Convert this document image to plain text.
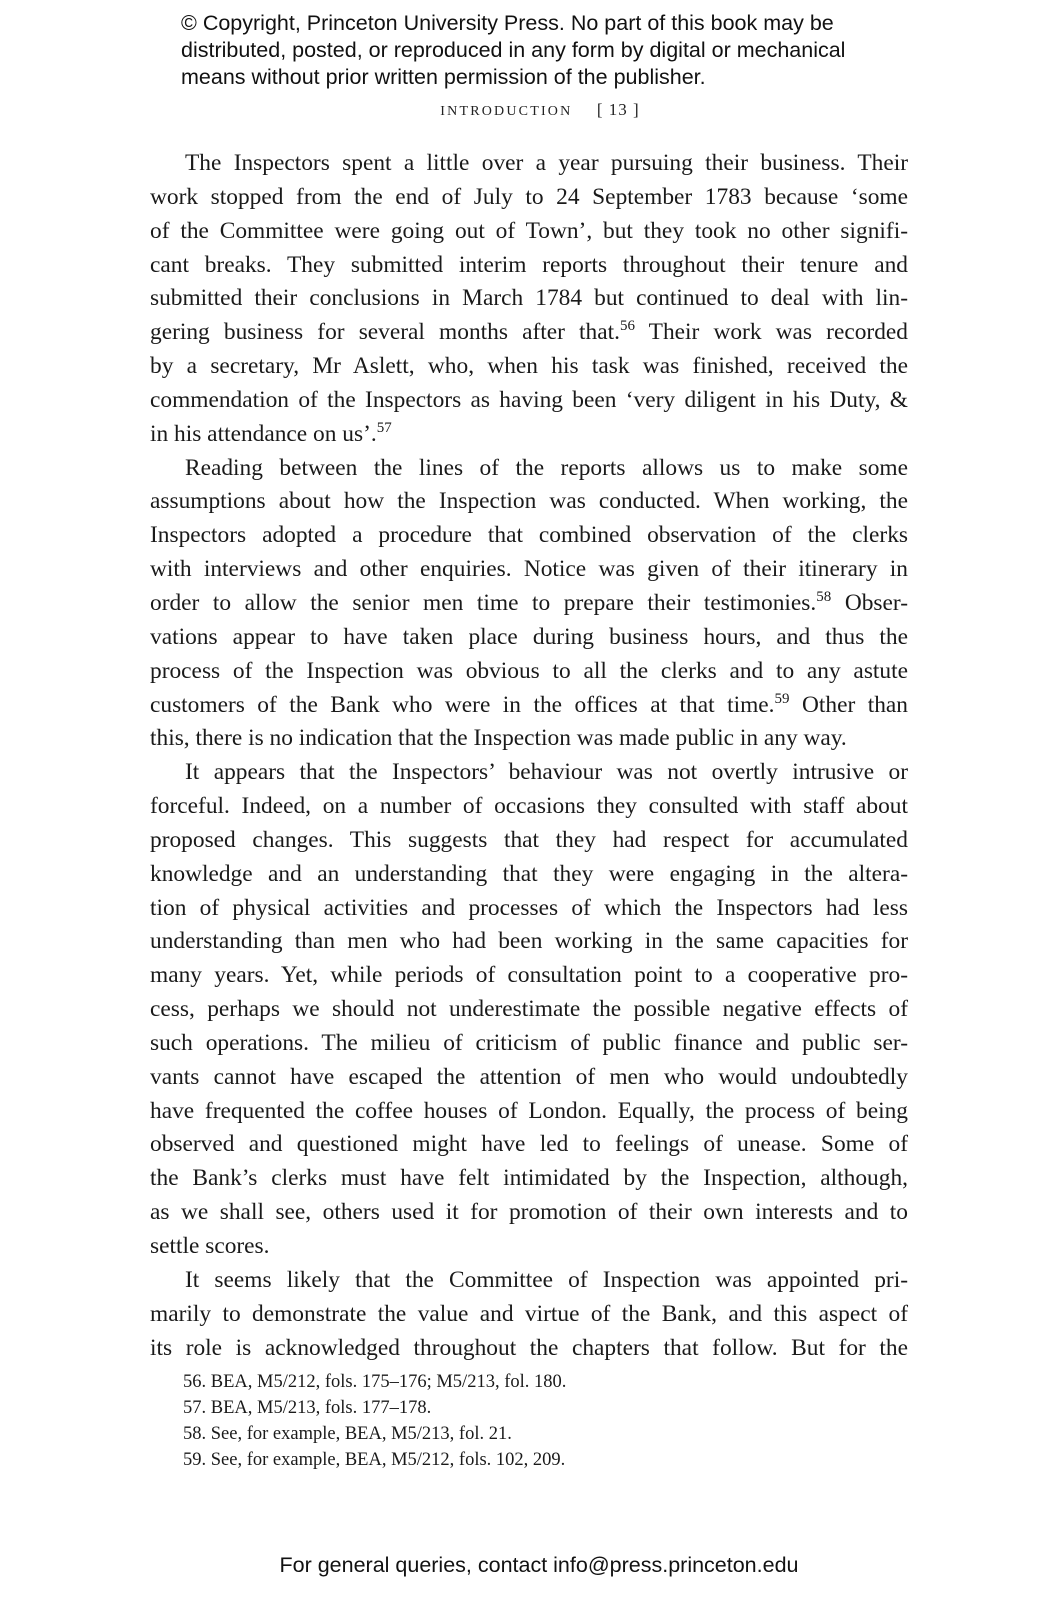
© Copyright, Princeton University Press. No part of this book may be
distributed, posted, or reproduced in any form by digital or mechanical
means without prior written permission of the publisher.
introduction [ 13 ]
The Inspectors spent a little over a year pursuing their business. Their
work stopped from the end of July to 24 September 1783 because ‘some
of the Committee were going out of Town’, but they took no other signifi-
cant breaks. They submitted interim reports throughout their tenure and
submitted their conclusions in March 1784 but continued to deal with lin-
gering business for several months after that.$^{56}$ Their work was recorded
by a secretary, Mr Aslett, who, when his task was finished, received the
commendation of the Inspectors as having been ‘very diligent in his Duty, &
in his attendance on us’.$^{57}$
Reading between the lines of the reports allows us to make some
assumptions about how the Inspection was conducted. When working, the
Inspectors adopted a procedure that combined observation of the clerks
with interviews and other enquiries. Notice was given of their itinerary in
order to allow the senior men time to prepare their testimonies.$^{58}$ Obser-
vations appear to have taken place during business hours, and thus the
process of the Inspection was obvious to all the clerks and to any astute
customers of the Bank who were in the offices at that time.$^{59}$ Other than
this, there is no indication that the Inspection was made public in any way.
It appears that the Inspectors’ behaviour was not overtly intrusive or
forceful. Indeed, on a number of occasions they consulted with staff about
proposed changes. This suggests that they had respect for accumulated
knowledge and an understanding that they were engaging in the altera-
tion of physical activities and processes of which the Inspectors had less
understanding than men who had been working in the same capacities for
many years. Yet, while periods of consultation point to a cooperative pro-
cess, perhaps we should not underestimate the possible negative effects of
such operations. The milieu of criticism of public finance and public ser-
vants cannot have escaped the attention of men who would undoubtedly
have frequented the coffee houses of London. Equally, the process of being
observed and questioned might have led to feelings of unease. Some of
the Bank’s clerks must have felt intimidated by the Inspection, although,
as we shall see, others used it for promotion of their own interests and to
settle scores.
It seems likely that the Committee of Inspection was appointed pri-
marily to demonstrate the value and virtue of the Bank, and this aspect of
its role is acknowledged throughout the chapters that follow. But for the
56. BEA, M5/212, fols. 175–176; M5/213, fol. 180.
57. BEA, M5/213, fols. 177–178.
58. See, for example, BEA, M5/213, fol. 21.
59. See, for example, BEA, M5/212, fols. 102, 209.
For general queries, contact info@press.princeton.edu
